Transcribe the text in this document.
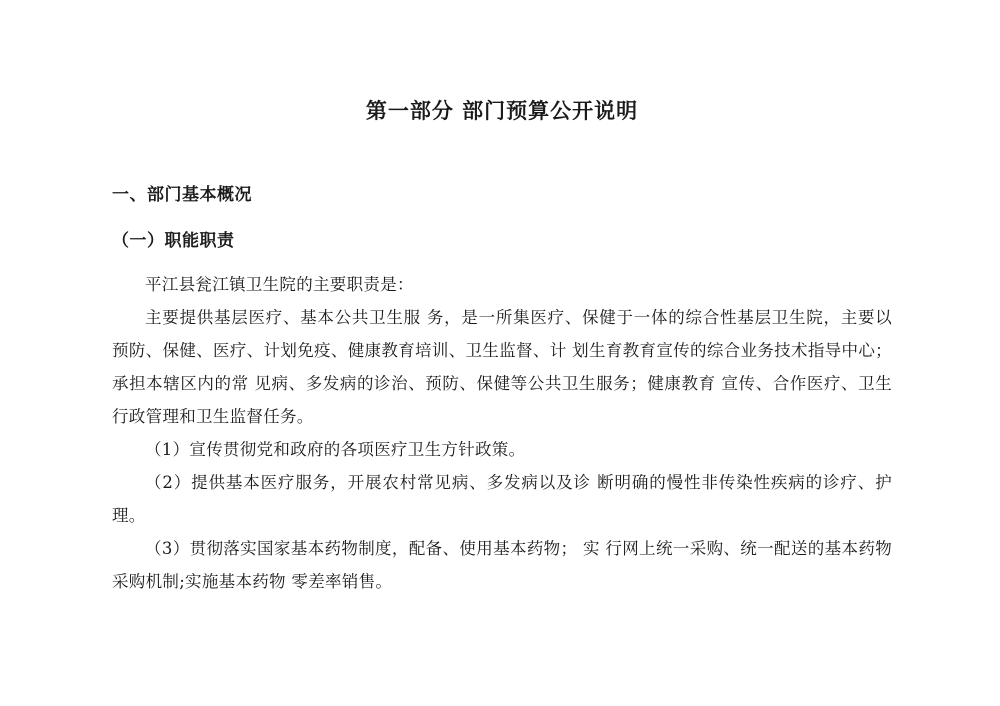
第一部分 部门预算公开说明
一、部门基本概况
（一）职能职责

平江县瓮江镇卫生院的主要职责是：

主要提供基层医疗、基本公共卫生服 务，是一所集医疗、保健于一体的综合性基层卫生院，主要以 预防、保健、医疗、计划免疫、健康教育培训、卫生监督、计 划生育教育宣传的综合业务技术指导中心；承担本辖区内的常 见病、多发病的诊治、预防、保健等公共卫生服务；健康教育 宣传、合作医疗、卫生行政管理和卫生监督任务。

（1）宣传贯彻党和政府的各项医疗卫生方针政策。

（2）提供基本医疗服务，开展农村常见病、多发病以及诊 断明确的慢性非传染性疾病的诊疗、护理。

（3）贯彻落实国家基本药物制度，配备、使用基本药物； 实 行网上统一采购、统一配送的基本药物采购机制;实施基本药物 零差率销售。
